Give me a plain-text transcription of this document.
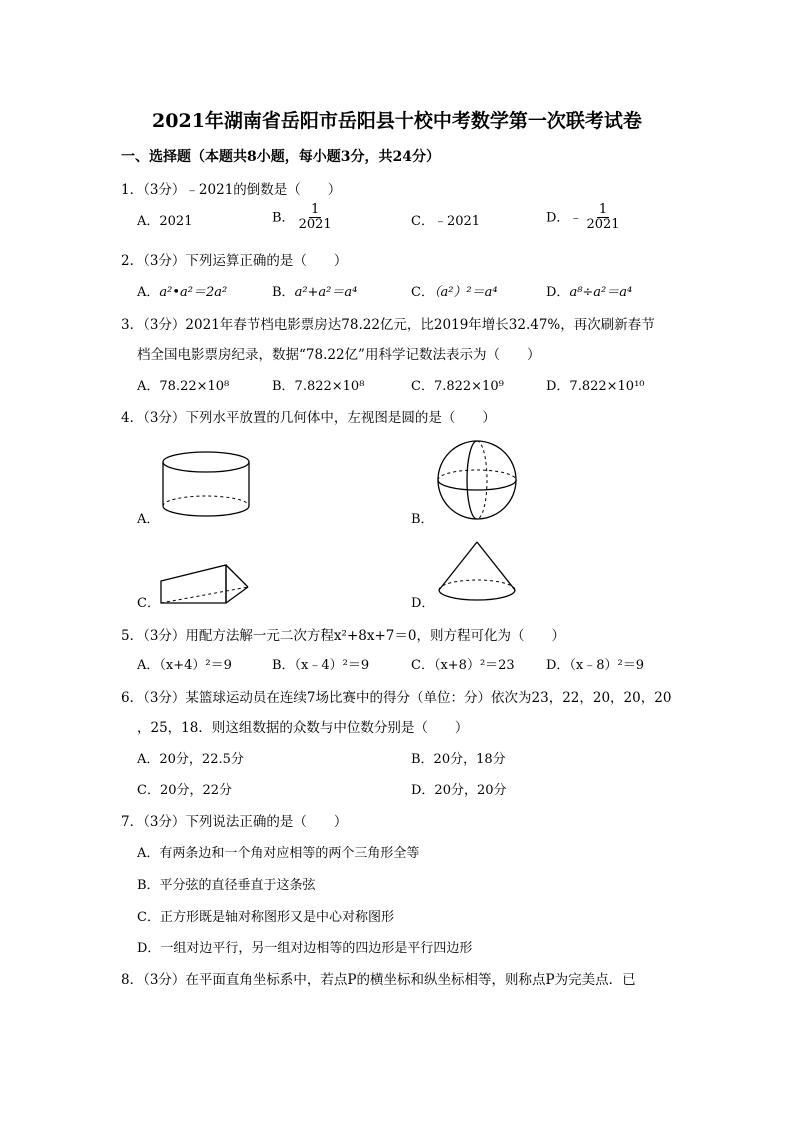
2021年湖南省岳阳市岳阳县十校中考数学第一次联考试卷
一、选择题（本题共8小题，每小题3分，共24分）
1．（3分）﹣2021的倒数是（　　）
A．2021	B． $\frac{1}{2021}$	C．﹣2021	D．﹣ $\frac{1}{2021}$
2．（3分）下列运算正确的是（　　）
A．a²•a²＝2a²	B．a²+a²＝a⁴	C．（a²）²＝a⁴	D．a⁸÷a²＝a⁴
3．（3分）2021年春节档电影票房达78.22亿元，比2019年增长32.47%，再次刷新春节
档全国电影票房纪录，数据“78.22亿”用科学记数法表示为（　　）
A．78.22×10⁸	B．7.822×10⁸	C．7.822×10⁹	D．7.822×10¹⁰
4．（3分）下列水平放置的几何体中，左视图是圆的是（　　）
A．	B．
C．	D．
5．（3分）用配方法解一元二次方程x²+8x+7＝0，则方程可化为（　　）
A．（x+4）²＝9	B．（x﹣4）²＝9	C．（x+8）²＝23 D．（x﹣8）²＝9
6．（3分）某篮球运动员在连续7场比赛中的得分（单位：分）依次为23，22，20，20，20
，25，18．则这组数据的众数与中位数分别是（　　）
A．20分，22.5分	B．20分，18分
C．20分，22分	D．20分，20分
7．（3分）下列说法正确的是（　　）
A．有两条边和一个角对应相等的两个三角形全等
B．平分弦的直径垂直于这条弦
C．正方形既是轴对称图形又是中心对称图形
D．一组对边平行，另一组对边相等的四边形是平行四边形
8．（3分）在平面直角坐标系中，若点P的横坐标和纵坐标相等，则称点P为完美点．已
